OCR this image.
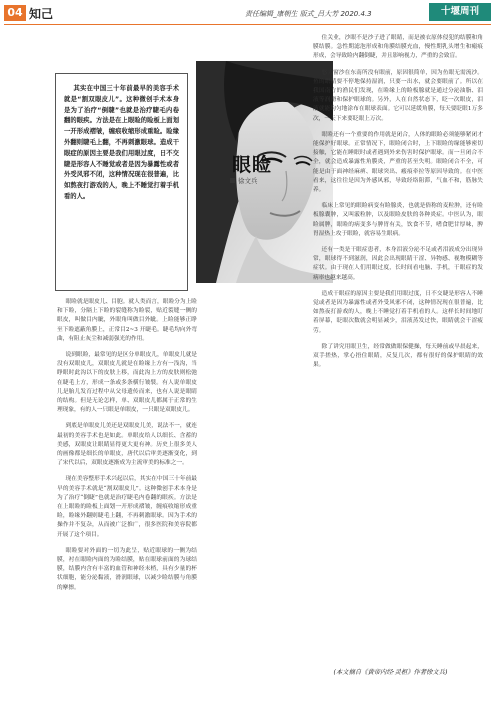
04 知己	责任编辑_康朝生 版式_吕大芳 2020.4.3	十堰周刊

其实在中国三十年前最早的美容手术就是“割双眼皮儿”。这种微创手术本身是为了治疗“倒睫”也就是治疗睫毛内卷翻的眼疾。方法是在上眼睑的睑板上面划一开形成褶皱，缠痕收缩形成重睑。睑缘外翻则睫毛上翻，不再刺激眼球。造成干眼症的原因主要是我们用眼过度，日不交睫是形容人不睡觉或者是因为暴露性或者外受风邪不闭，这种情况现在很普遍，比如熬夜打游戏的人，晚上不睡觉打着手机看的人。

眼睑
徐文兵

眼睑就是眼皮儿、目胞。就人类而言，眼睑分为上睑和下睑，分隔上下睑的裂缝称为睑裂，贴近裂缝一侧的眼皮，叫做目内眦，外眼角叫做目外眦。上睑能够正睁至下睑遮蔽角膜上，正常目2~3 开睫毛。睫毛均向外弯曲，有阻止灰尘和减弱强光的作用。

说到眼睑，最常见的是区分单眼皮儿，单眼皮儿就是没有双眼皮儿，双眼皮儿就是在睑缘上方有一浅沟，当睁眼时此沟以下的皮肤上移，而此沟上方的皮肤则松弛在睫毛上方，形成一条或多条横行皱襞。有人说单眼皮儿是胎儿发育过程中从父母遗传而来，也有人说是眼睛的结构。但是无论怎样，单、双眼皮儿都属于正常的生理现象，有的人一只眼是单眼皮，一只眼是双眼皮儿。

到底是单眼皮儿美还是双眼皮儿美，说法不一，就连最初的美容手术也是如此。单眼皮给人以细长、含蓄的美感，双眼皮让眼睛显得更大更有神。历史上很多美人的画像都是细长的单眼皮，唐代以后审美逐渐变化，到了宋代以后，双眼皮逐渐成为主流审美的标准之一。

现在美容整形手术兴起以后，其实在中国三十年前最早的美容手术就是“割双眼皮儿”。这种微创手术本身是为了治疗“倒睫”也就是治疗睫毛内卷翻的眼疾。方法是在上眼睑的睑板上面划一开形成褶皱，缠痕收缩形成重睑，睑缘外翻则睫毛上翻，不再刺激眼球。因为手术的操作并不复杂，从而被广泛推广，很多医院和美容院都开展了这个项目。

眼睑要对外面的一切为此呈，贴近眼球的一侧为结膜，衬在眼睑内面的为睑结膜，贴在眼球前面的为球结膜，结膜内含有丰富的血管和神经末梢，具有少量的杯状细胞，能分泌黏液，滑润眼球，以减少睑结膜与角膜的摩擦。

住关业，沙眼不是沙子进了眼睛，而是被衣原体侵犯的结膜和角膜结膜。急性期滤泡形成和角膜结膜充血，慢性期乳头增生和瘢痕形成，会导致睑内翻倒睫，并且影响视力，严重的会致盲。

憨大窗沙在东南所没有眼前，原因很简单，因为鱼眼无需流沙。鱼的眼睛要不停地保持湿润，只要一出水，就会要眼前了。所以在我国南方的渔民们发现，在睑缘上的睑板腺就是通过分泌油脂、泪液等润滑和保护眼球的。另外，人在自然状态下，眨一次眼皮，泪液就能均匀地涂布在眼球表面。它可以延缓角膜，每天要眨眼1万多次，一天下来要眨眼上万次。

眼睑还有一个重要的作用就是闭合，人体的眼睑必须能够紧闭才能保护好眼球。正常情况下，眼睑闭合时，上下眼睑的缘能够密切接触，它能在睡眠时或者遇到外来伤害时保护眼球。而一旦闭合不全，就会造成暴露性角膜炎，严重的甚至失明。眼睑闭合不全，可能是由于面神经麻痹、眼球突出、瘢痕牵拉等原因导致的。在中医看来，这往往是因为外感风邪，导致经络阻滞，气血不和，筋脉失养。

临床上常见的眼睑病变有睑腺炎，也就是俗称的麦粒肿，还有睑板腺囊肿，又叫霰粒肿，以及眼睑皮肤的各种炎症。中医认为，眼睑属脾，眼睑的病变多与脾胃有关，饮食不节，嗜食肥甘厚味，脾胃湿热上攻于眼睑，就容易生眼病。

还有一类是干眼症患者，本身泪液分泌不足或者泪液成分出现异常，眼球得不到滋润，因此会出现眼睛干涩、异物感、视物模糊等症状。由于现在人们用眼过度，长时间看电脑、手机，干眼症的发病率也越来越高。

造成干眼症的原因主要是我们用眼过度，日不交睫是形容人不睡觉或者是因为暴露性或者外受风邪不闭，这种情况现在很普遍，比如熬夜打游戏的人，晚上不睡觉打着手机看的人。这样长时间地盯着屏幕，眨眼次数就会明显减少，泪液蒸发过快，眼睛就会干涩疲劳。

除了讲究用眼卫生，经常做做眼保健操，每天睡前或早晨起来，双手搓热，掌心捂住眼睛，反复几次，都有很好的保护眼睛的效果。

(本文摘自《黄帝内经·灵枢》作者徐文兵)
